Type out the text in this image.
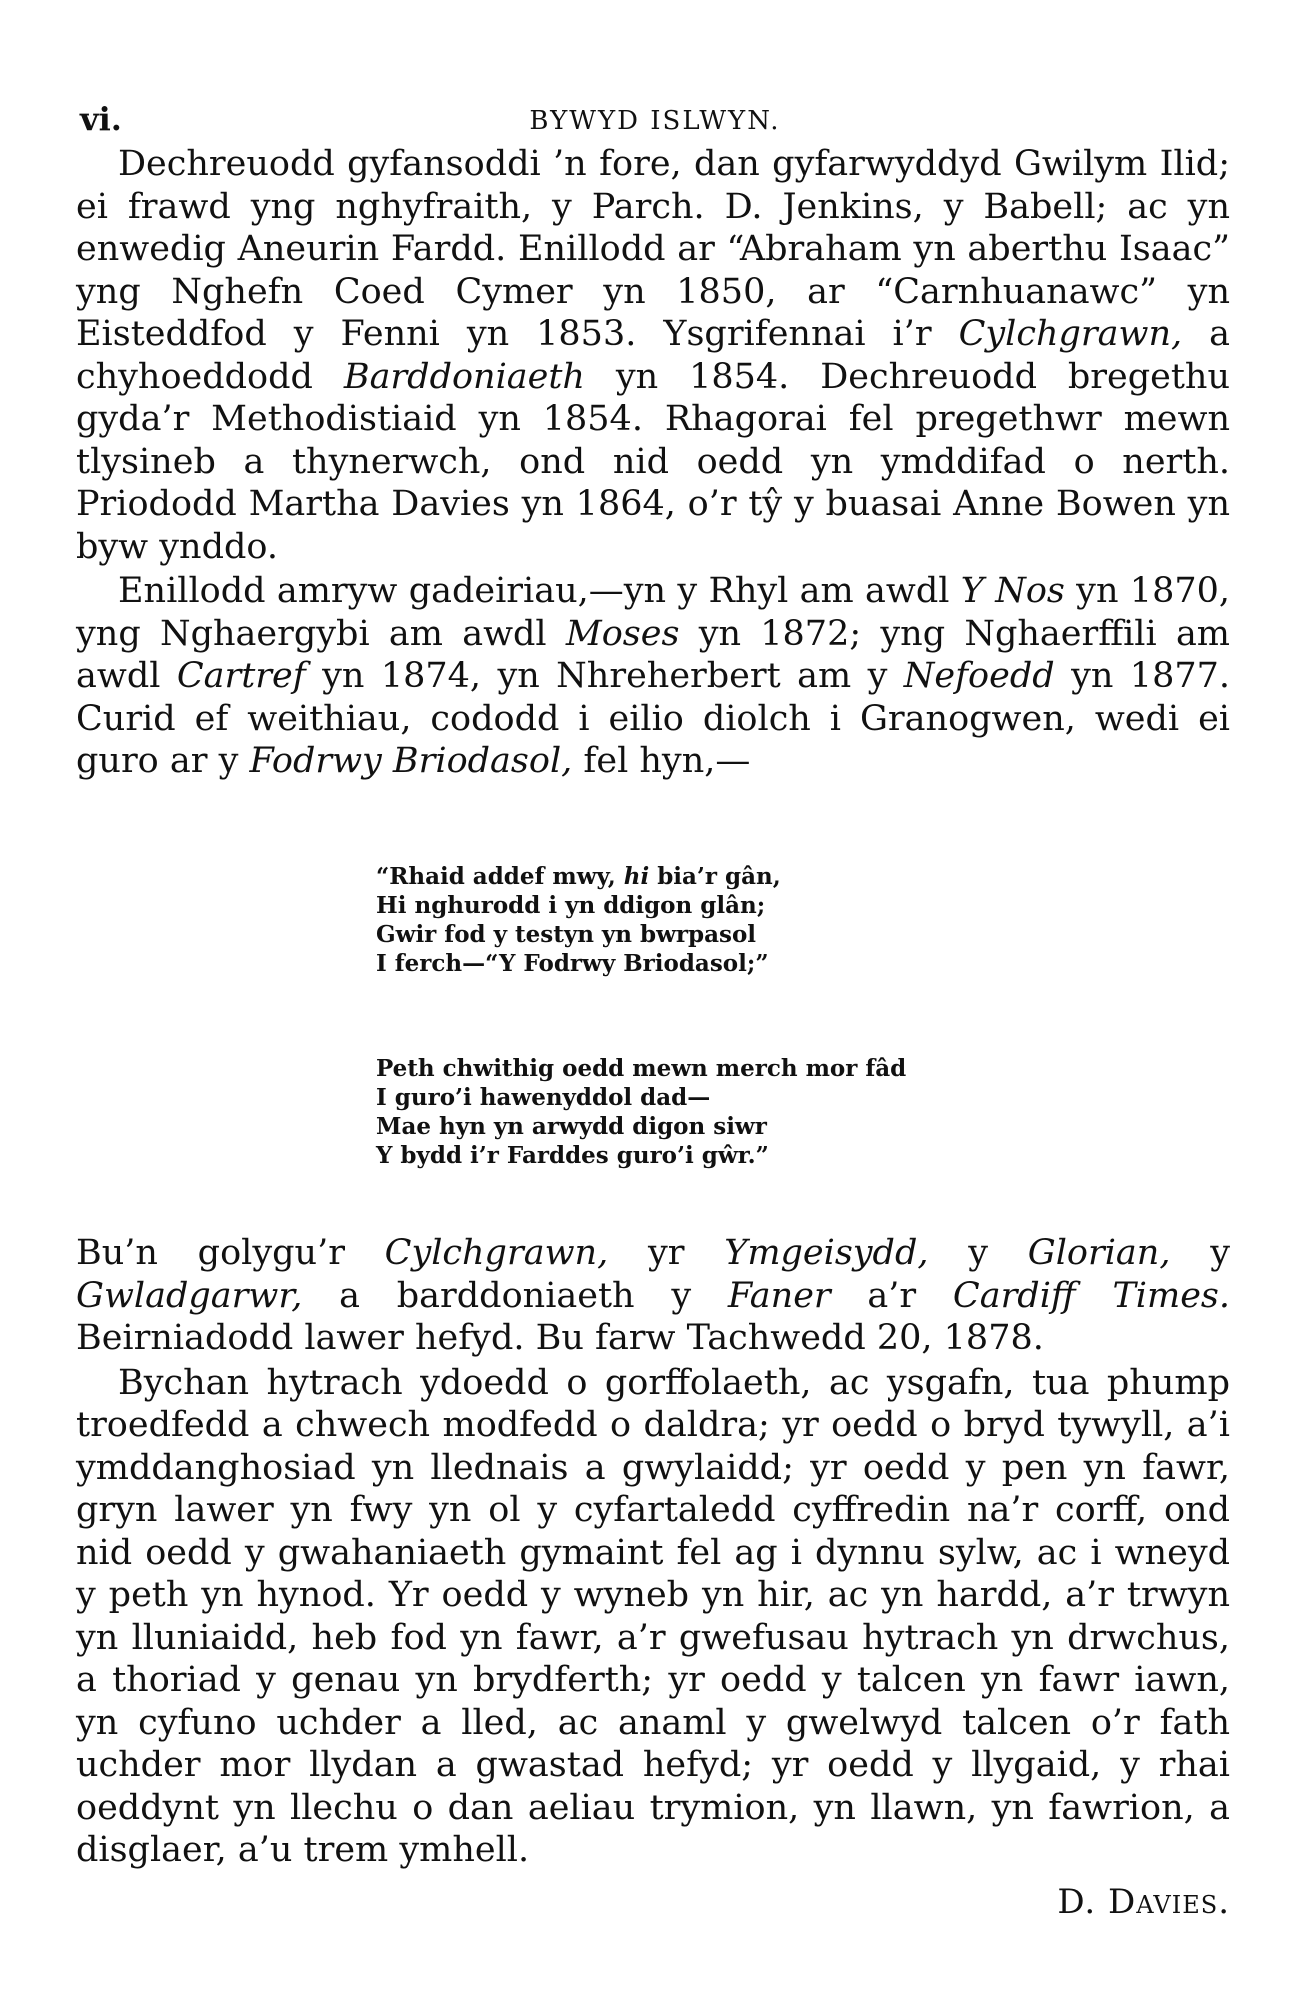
vi.	BYWYD ISLWYN.

Dechreuodd gyfansoddi ’n fore, dan gyfarwyddyd Gwilym Ilid; ei frawd yng nghyfraith, y Parch. D. Jenkins, y Babell; ac yn enwedig Aneurin Fardd. Enillodd ar “Abraham yn aberthu Isaac” yng Nghefn Coed Cymer yn 1850, ar “Carnhuanawc” yn Eisteddfod y Fenni yn 1853. Ysgrifennai i’r Cylchgrawn, a chyhoeddodd Barddoniaeth yn 1854. Dechreuodd bregethu gyda’r Methodistiaid yn 1854. Rhagorai fel pregethwr mewn tlysineb a thynerwch, ond nid oedd yn ymddifad o nerth. Priododd Martha Davies yn 1864, o’r tŷ y buasai Anne Bowen yn byw ynddo.

Enillodd amryw gadeiriau,—yn y Rhyl am awdl Y Nos yn 1870, yng Nghaergybi am awdl Moses yn 1872; yng Nghaerffili am awdl Cartref yn 1874, yn Nhreherbert am y Nefoedd yn 1877. Curid ef weithiau, cododd i eilio diolch i Granogwen, wedi ei guro ar y Fodrwy Briodasol, fel hyn,—

“Rhaid addef mwy, hi bia’r gân,
Hi nghurodd i yn ddigon glân;
Gwir fod y testyn yn bwrpasol
I ferch—“Y Fodrwy Briodasol;”
Peth chwithig oedd mewn merch mor fâd
I guro’i hawenyddol dad—
Mae hyn yn arwydd digon siwr
Y bydd i’r Farddes guro’i gŵr.”

Bu’n golygu’r Cylchgrawn, yr Ymgeisydd, y Glorian, y Gwladgarwr, a barddoniaeth y Faner a’r Cardiff Times. Beirniadodd lawer hefyd. Bu farw Tachwedd 20, 1878.

Bychan hytrach ydoedd o gorffolaeth, ac ysgafn, tua phump troedfedd a chwech modfedd o daldra; yr oedd o bryd tywyll, a’i ymddanghosiad yn llednais a gwylaidd; yr oedd y pen yn fawr, gryn lawer yn fwy yn ol y cyfartaledd cyffredin na’r corff, ond nid oedd y gwahaniaeth gymaint fel ag i dynnu sylw, ac i wneyd y peth yn hynod. Yr oedd y wyneb yn hir, ac yn hardd, a’r trwyn yn lluniaidd, heb fod yn fawr, a’r gwefusau hytrach yn drwchus, a thoriad y genau yn brydferth; yr oedd y talcen yn fawr iawn, yn cyfuno uchder a lled, ac anaml y gwelwyd talcen o’r fath uchder mor llydan a gwastad hefyd; yr oedd y llygaid, y rhai oeddynt yn llechu o dan aeliau trymion, yn llawn, yn fawrion, a disglaer, a’u trem ymhell.

D. Davies.
